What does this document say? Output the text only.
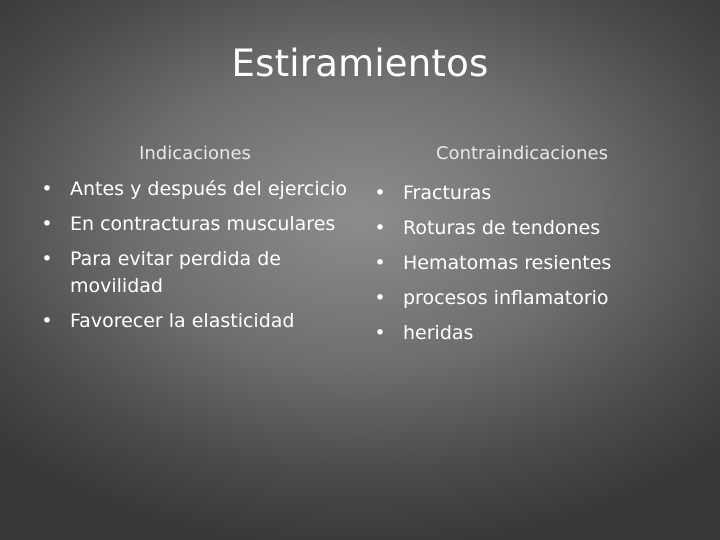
Estiramientos
Indicaciones	Contraindicaciones
• Antes y después del ejercicio
• En contracturas musculares
• Para evitar perdida de movilidad
• Favorecer la elasticidad
• Fracturas
• Roturas de tendones
• Hematomas resientes
• procesos inflamatorio
• heridas
